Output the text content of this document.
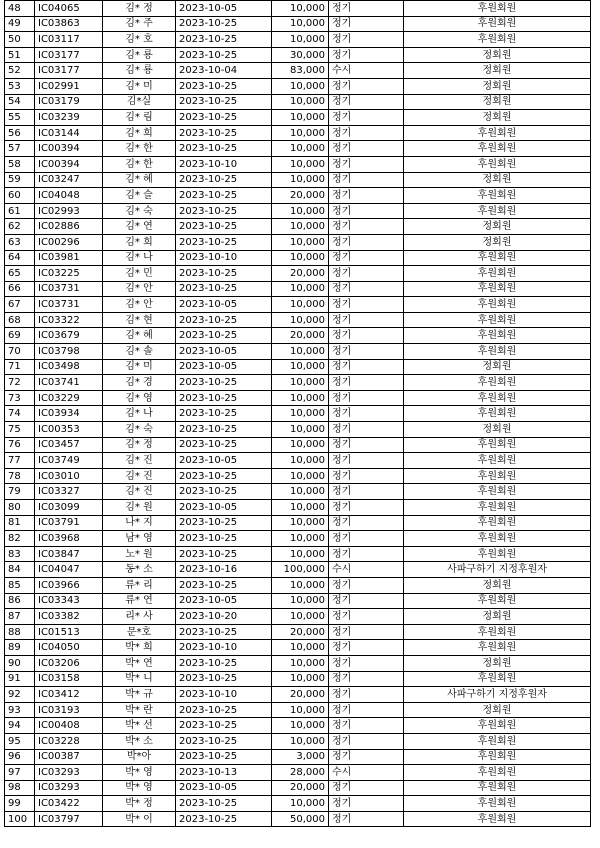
48	IC04065	김* 정	2023-10-05	10,000	정기	후원회원
49	IC03863	김* 주	2023-10-25	10,000	정기	후원회원
50	IC03117	김* 호	2023-10-25	10,000	정기	후원회원
51	IC03177	김* 룡	2023-10-25	30,000	정기	정회원
52	IC03177	김* 룡	2023-10-04	83,000	수시	정회원
53	IC02991	김* 미	2023-10-25	10,000	정기	정회원
54	IC03179	김*실	2023-10-25	10,000	정기	정회원
55	IC03239	김* 림	2023-10-25	10,000	정기	정회원
56	IC03144	김* 희	2023-10-25	10,000	정기	후원회원
57	IC00394	김* 한	2023-10-25	10,000	정기	후원회원
58	IC00394	김* 한	2023-10-10	10,000	정기	후원회원
59	IC03247	김* 혜	2023-10-25	10,000	정기	정회원
60	IC04048	김* 슬	2023-10-25	20,000	정기	후원회원
61	IC02993	김* 숙	2023-10-25	10,000	정기	후원회원
62	IC02886	김* 연	2023-10-25	10,000	정기	정회원
63	IC00296	김* 희	2023-10-25	10,000	정기	정회원
64	IC03981	김* 나	2023-10-10	10,000	정기	후원회원
65	IC03225	김* 민	2023-10-25	20,000	정기	후원회원
66	IC03731	김* 안	2023-10-25	10,000	정기	후원회원
67	IC03731	김* 안	2023-10-05	10,000	정기	후원회원
68	IC03322	김* 현	2023-10-25	10,000	정기	후원회원
69	IC03679	김* 혜	2023-10-25	20,000	정기	후원회원
70	IC03798	김* 솔	2023-10-05	10,000	정기	후원회원
71	IC03498	김* 미	2023-10-05	10,000	정기	정회원
72	IC03741	김* 경	2023-10-25	10,000	정기	후원회원
73	IC03229	김* 영	2023-10-25	10,000	정기	후원회원
74	IC03934	김* 나	2023-10-25	10,000	정기	후원회원
75	IC00353	김* 숙	2023-10-25	10,000	정기	정회원
76	IC03457	김* 정	2023-10-25	10,000	정기	후원회원
77	IC03749	김* 진	2023-10-05	10,000	정기	후원회원
78	IC03010	김* 진	2023-10-25	10,000	정기	후원회원
79	IC03327	김* 진	2023-10-25	10,000	정기	후원회원
80	IC03099	김* 원	2023-10-05	10,000	정기	후원회원
81	IC03791	나* 지	2023-10-25	10,000	정기	후원회원
82	IC03968	남* 영	2023-10-25	10,000	정기	후원회원
83	IC03847	노* 원	2023-10-25	10,000	정기	후원회원
84	IC04047	동* 소	2023-10-16	100,000	수시	사파구하기 지정후원자
85	IC03966	류* 리	2023-10-25	10,000	정기	정회원
86	IC03343	류* 연	2023-10-05	10,000	정기	후원회원
87	IC03382	리* 사	2023-10-20	10,000	정기	정회원
88	IC01513	문*호	2023-10-25	20,000	정기	후원회원
89	IC04050	박* 희	2023-10-10	10,000	정기	후원회원
90	IC03206	박* 연	2023-10-25	10,000	정기	정회원
91	IC03158	박* 니	2023-10-25	10,000	정기	후원회원
92	IC03412	박* 규	2023-10-10	20,000	정기	사파구하기 지정후원자
93	IC03193	박* 란	2023-10-25	10,000	정기	정회원
94	IC00408	박* 선	2023-10-25	10,000	정기	후원회원
95	IC03228	박* 소	2023-10-25	10,000	정기	후원회원
96	IC00387	박*아	2023-10-25	3,000	정기	후원회원
97	IC03293	박* 영	2023-10-13	28,000	수시	후원회원
98	IC03293	박* 영	2023-10-05	20,000	정기	후원회원
99	IC03422	박* 정	2023-10-25	10,000	정기	후원회원
100	IC03797	박* 이	2023-10-25	50,000	정기	후원회원
